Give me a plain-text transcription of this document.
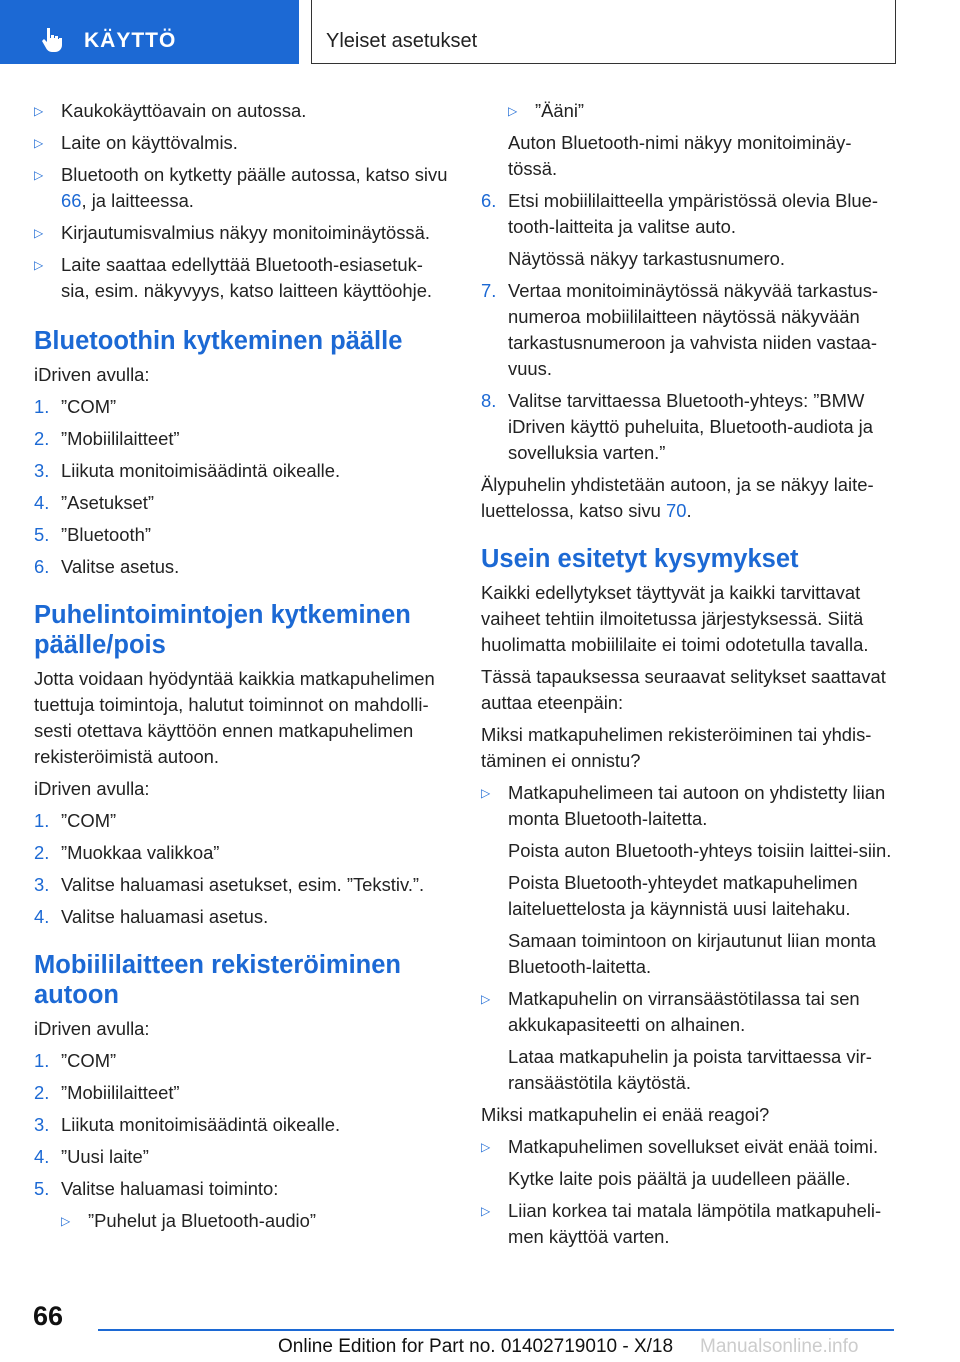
KÄYTTÖ	Yleiset asetukset
▷ Kaukokäyttöavain on autossa.
▷ Laite on käyttövalmis.
▷ Bluetooth on kytketty päälle autossa, katso sivu 66, ja laitteessa.
▷ Kirjautumisvalmius näkyy monitoiminäytössä.
▷ Laite saattaa edellyttää Bluetooth-esiasetuk-sia, esim. näkyvyys, katso laitteen käyttöohje.
Bluetoothin kytkeminen päälle
iDriven avulla:
1. ”COM”
2. ”Mobiililaitteet”
3. Liikuta monitoimisäädintä oikealle.
4. ”Asetukset”
5. ”Bluetooth”
6. Valitse asetus.
Puhelintoimintojen kytkeminen päälle/pois
Jotta voidaan hyödyntää kaikkia matkapuhelimen tuettuja toimintoja, halutut toiminnot on mahdolli-sesti otettava käyttöön ennen matkapuhelimen rekisteröimistä autoon.
iDriven avulla:
1. ”COM”
2. ”Muokkaa valikkoa”
3. Valitse haluamasi asetukset, esim. ”Tekstiv.”.
4. Valitse haluamasi asetus.
Mobiililaitteen rekisteröiminen autoon
iDriven avulla:
1. ”COM”
2. ”Mobiililaitteet”
3. Liikuta monitoimisäädintä oikealle.
4. ”Uusi laite”
5. Valitse haluamasi toiminto:
▷ ”Puhelut ja Bluetooth-audio”
▷ ”Ääni”
Auton Bluetooth-nimi näkyy monitoiminäy-tössä.
6. Etsi mobiililaitteella ympäristössä olevia Blue-tooth-laitteita ja valitse auto.
Näytössä näkyy tarkastusnumero.
7. Vertaa monitoiminäytössä näkyvää tarkastus-numeroa mobiililaitteen näytössä näkyvään tarkastusnumeroon ja vahvista niiden vastaa-vuus.
8. Valitse tarvittaessa Bluetooth-yhteys: ”BMW iDriven käyttö puheluita, Bluetooth-audiota ja sovelluksia varten.”
Älypuhelin yhdistetään autoon, ja se näkyy laite-luettelossa, katso sivu 70.
Usein esitetyt kysymykset
Kaikki edellytykset täyttyvät ja kaikki tarvittavat vaiheet tehtiin ilmoitetussa järjestyksessä. Siitä huolimatta mobiililaite ei toimi odotetulla tavalla.
Tässä tapauksessa seuraavat selitykset saattavat auttaa eteenpäin:
Miksi matkapuhelimen rekisteröiminen tai yhdis-täminen ei onnistu?
▷ Matkapuhelimeen tai autoon on yhdistetty liian monta Bluetooth-laitetta.
Poista auton Bluetooth-yhteys toisiin laittei-siin.
Poista Bluetooth-yhteydet matkapuhelimen laiteluettelosta ja käynnistä uusi laitehaku.
Samaan toimintoon on kirjautunut liian monta Bluetooth-laitetta.
▷ Matkapuhelin on virransäästötilassa tai sen akkukapasiteetti on alhainen.
Lataa matkapuhelin ja poista tarvittaessa vir-ransäästötila käytöstä.
Miksi matkapuhelin ei enää reagoi?
▷ Matkapuhelimen sovellukset eivät enää toimi.
Kytke laite pois päältä ja uudelleen päälle.
▷ Liian korkea tai matala lämpötila matkapuheli-men käyttöä varten.
66
Online Edition for Part no. 01402719010 - X/18 Manualsonline.info
